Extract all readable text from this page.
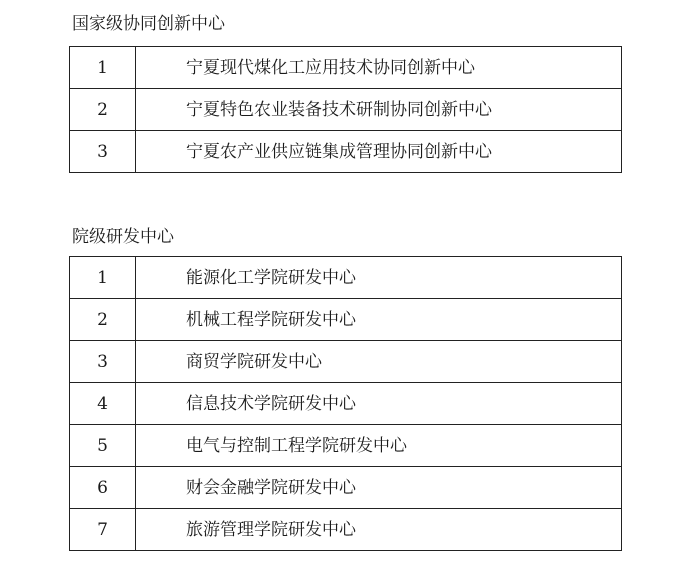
国家级协同创新中心
1	宁夏现代煤化工应用技术协同创新中心
2	宁夏特色农业装备技术研制协同创新中心
3	宁夏农产业供应链集成管理协同创新中心
院级研发中心
1	能源化工学院研发中心
2	机械工程学院研发中心
3	商贸学院研发中心
4	信息技术学院研发中心
5	电气与控制工程学院研发中心
6	财会金融学院研发中心
7	旅游管理学院研发中心
